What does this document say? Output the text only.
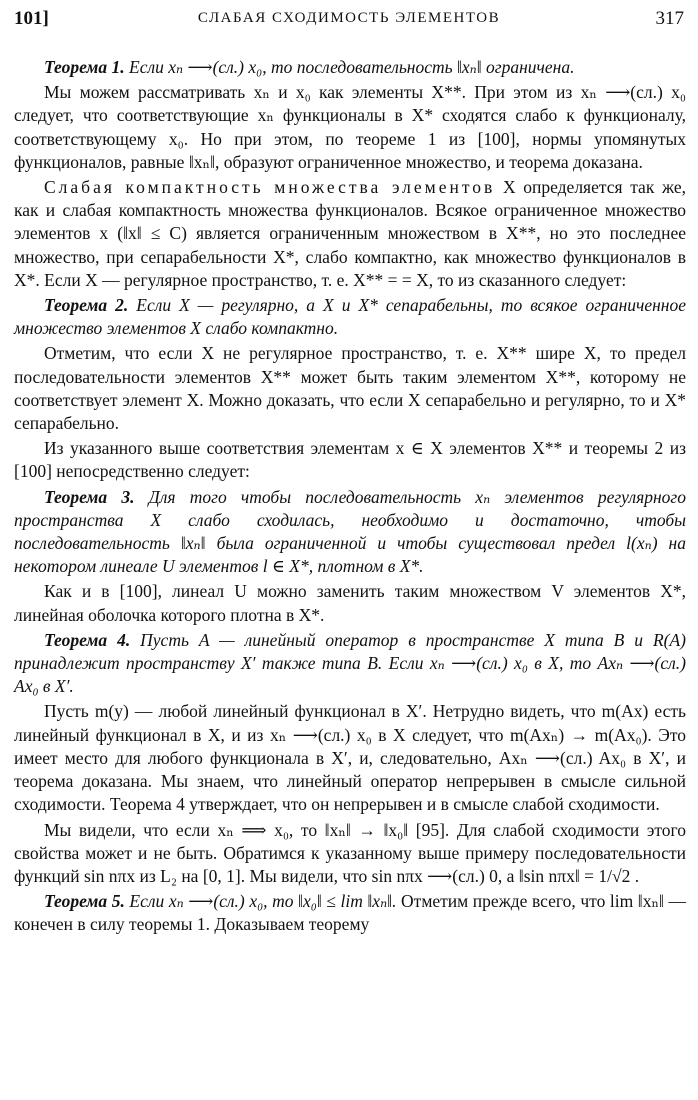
101]	СЛАБАЯ СХОДИМОСТЬ ЭЛЕМЕНТОВ	317

Теорема 1. Если xₙ ⟶(сл.) x₀, то последовательность ‖xₙ‖ ограничена.

Мы можем рассматривать xₙ и x₀ как элементы X**. При этом из xₙ ⟶(сл.) x₀ следует, что соответствующие xₙ функционалы в X* сходятся слабо к функционалу, соответствующему x₀. Но при этом, по теореме 1 из [100], нормы упомянутых функционалов, равные ‖xₙ‖, образуют ограниченное множество, и теорема доказана.

Слабая компактность множества элементов X определяется так же, как и слабая компактность множества функционалов. Всякое ограниченное множество элементов x (‖x‖ ≤ C) является ограниченным множеством в X**, но это последнее множество, при сепарабельности X*, слабо компактно, как множество функционалов в X*. Если X — регулярное пространство, т. е. X** = = X, то из сказанного следует:

Теорема 2. Если X — регулярно, а X и X* сепарабельны, то всякое ограниченное множество элементов X слабо компактно.

Отметим, что если X не регулярное пространство, т. е. X** шире X, то предел последовательности элементов X** может быть таким элементом X**, которому не соответствует элемент X. Можно доказать, что если X сепарабельно и регулярно, то и X* сепарабельно.

Из указанного выше соответствия элементам x ∈ X элементов X** и теоремы 2 из [100] непосредственно следует:

Теорема 3. Для того чтобы последовательность xₙ элементов регулярного пространства X слабо сходилась, необходимо и достаточно, чтобы последовательность ‖xₙ‖ была ограниченной и чтобы существовал предел l(xₙ) на некотором линеале U элементов l ∈ X*, плотном в X*.

Как и в [100], линеал U можно заменить таким множеством V элементов X*, линейная оболочка которого плотна в X*.

Теорема 4. Пусть A — линейный оператор в пространстве X типа B и R(A) принадлежит пространству X′ также типа B. Если xₙ ⟶(сл.) x₀ в X, то Axₙ ⟶(сл.) Ax₀ в X′.

Пусть m(y) — любой линейный функционал в X′. Нетрудно видеть, что m(Ax) есть линейный функционал в X, и из xₙ ⟶(сл.) x₀ в X следует, что m(Axₙ) → m(Ax₀). Это имеет место для любого функционала в X′, и, следовательно, Axₙ ⟶(сл.) Ax₀ в X′, и теорема доказана. Мы знаем, что линейный оператор непрерывен в смысле сильной сходимости. Теорема 4 утверждает, что он непрерывен и в смысле слабой сходимости.

Мы видели, что если xₙ ⟹ x₀, то ‖xₙ‖ → ‖x₀‖ [95]. Для слабой сходимости этого свойства может и не быть. Обратимся к указанному выше примеру последовательности функций sin nπx из L₂ на [0, 1]. Мы видели, что sin nπx ⟶(сл.) 0, а ‖sin nπx‖ = 1/√2 .

Теорема 5. Если xₙ ⟶(сл.) x₀, то ‖x₀‖ ≤ lim ‖xₙ‖. Отметим прежде всего, что lim ‖xₙ‖ — конечен в силу теоремы 1. Доказываем теорему
